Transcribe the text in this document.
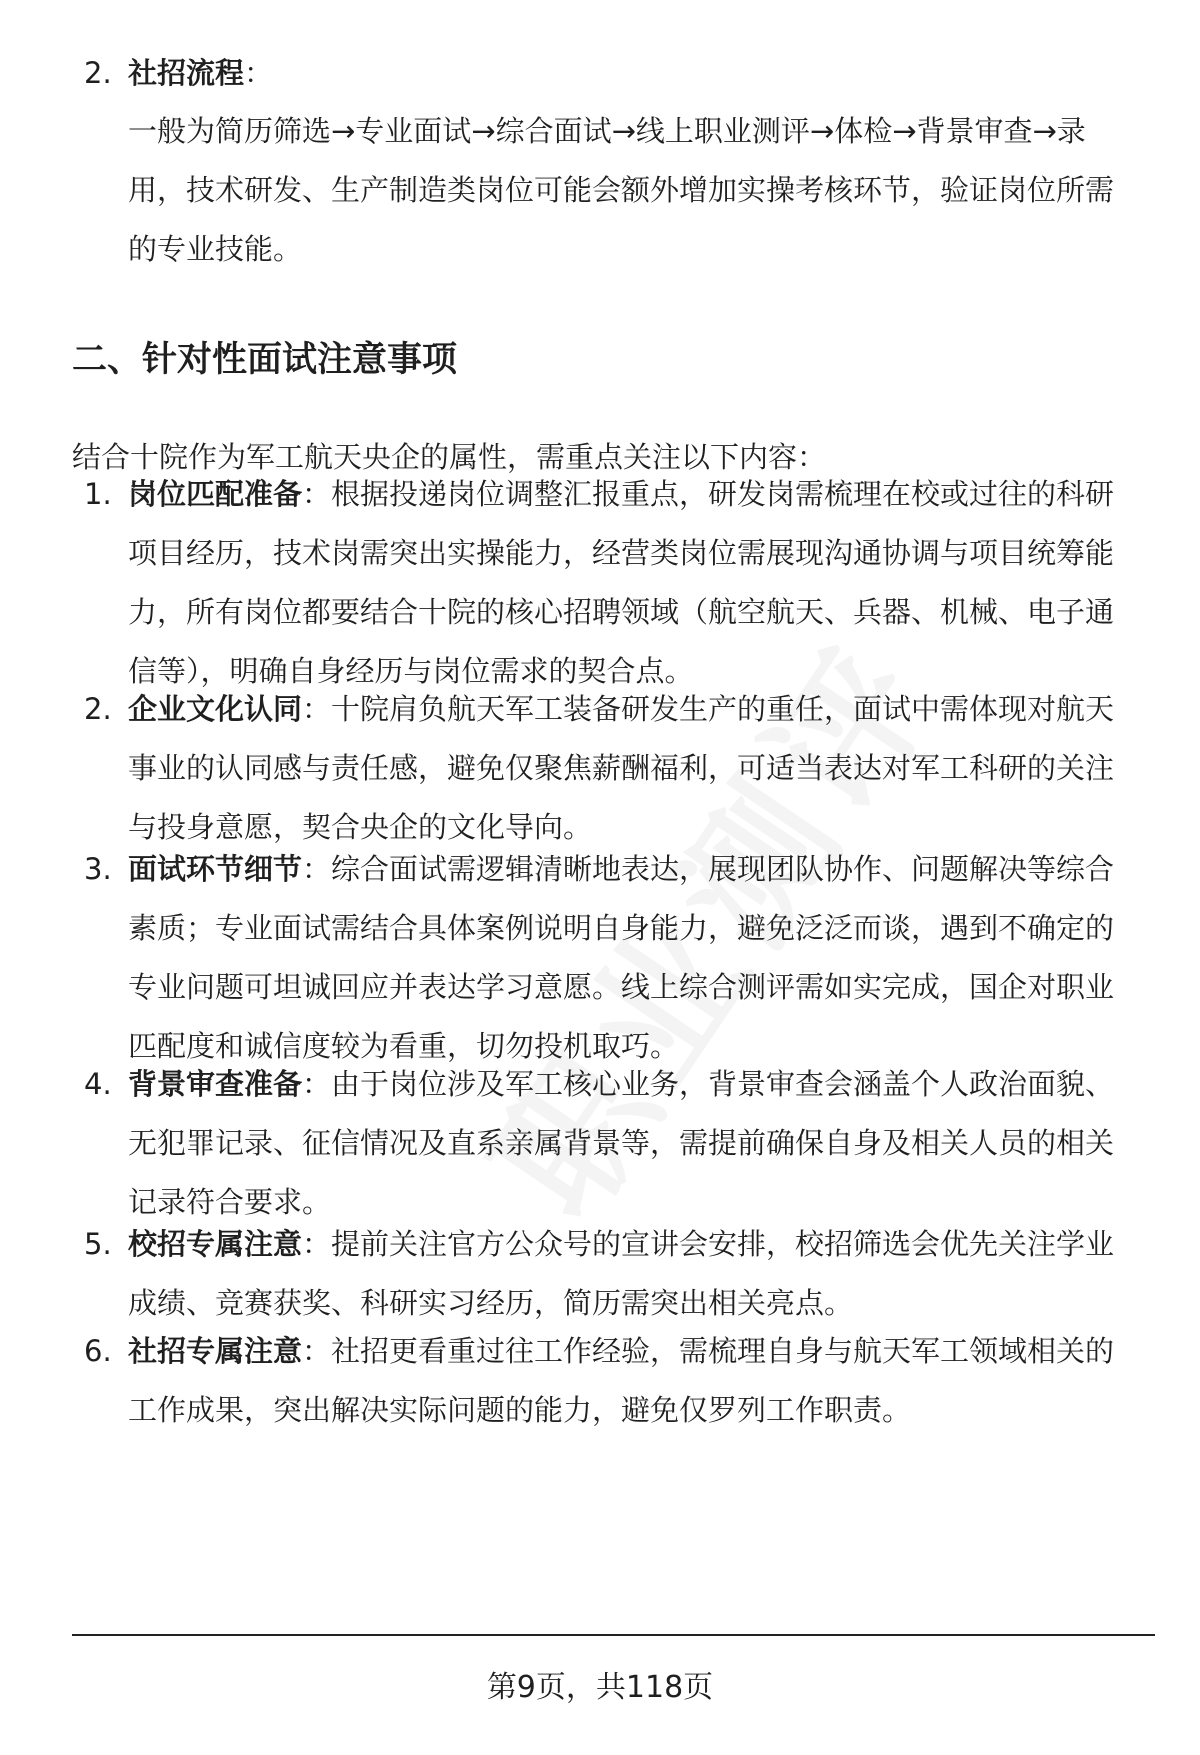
2. 社招流程：

一般为简历筛选→专业面试→综合面试→线上职业测评→体检→背景审查→录用，技术研发、生产制造类岗位可能会额外增加实操考核环节，验证岗位所需的专业技能。

二、针对性面试注意事项

结合十院作为军工航天央企的属性，需重点关注以下内容：

1. 岗位匹配准备：根据投递岗位调整汇报重点，研发岗需梳理在校或过往的科研项目经历，技术岗需突出实操能力，经营类岗位需展现沟通协调与项目统筹能力，所有岗位都要结合十院的核心招聘领域（航空航天、兵器、机械、电子通信等），明确自身经历与岗位需求的契合点。

2. 企业文化认同：十院肩负航天军工装备研发生产的重任，面试中需体现对航天事业的认同感与责任感，避免仅聚焦薪酬福利，可适当表达对军工科研的关注与投身意愿，契合央企的文化导向。

3. 面试环节细节：综合面试需逻辑清晰地表达，展现团队协作、问题解决等综合素质；专业面试需结合具体案例说明自身能力，避免泛泛而谈，遇到不确定的专业问题可坦诚回应并表达学习意愿。线上综合测评需如实完成，国企对职业匹配度和诚信度较为看重，切勿投机取巧。

4. 背景审查准备：由于岗位涉及军工核心业务，背景审查会涵盖个人政治面貌、无犯罪记录、征信情况及直系亲属背景等，需提前确保自身及相关人员的相关记录符合要求。

5. 校招专属注意：提前关注官方公众号的宣讲会安排，校招筛选会优先关注学业成绩、竞赛获奖、科研实习经历，简历需突出相关亮点。

6. 社招专属注意：社招更看重过往工作经验，需梳理自身与航天军工领域相关的工作成果，突出解决实际问题的能力，避免仅罗列工作职责。

第9页，共118页
